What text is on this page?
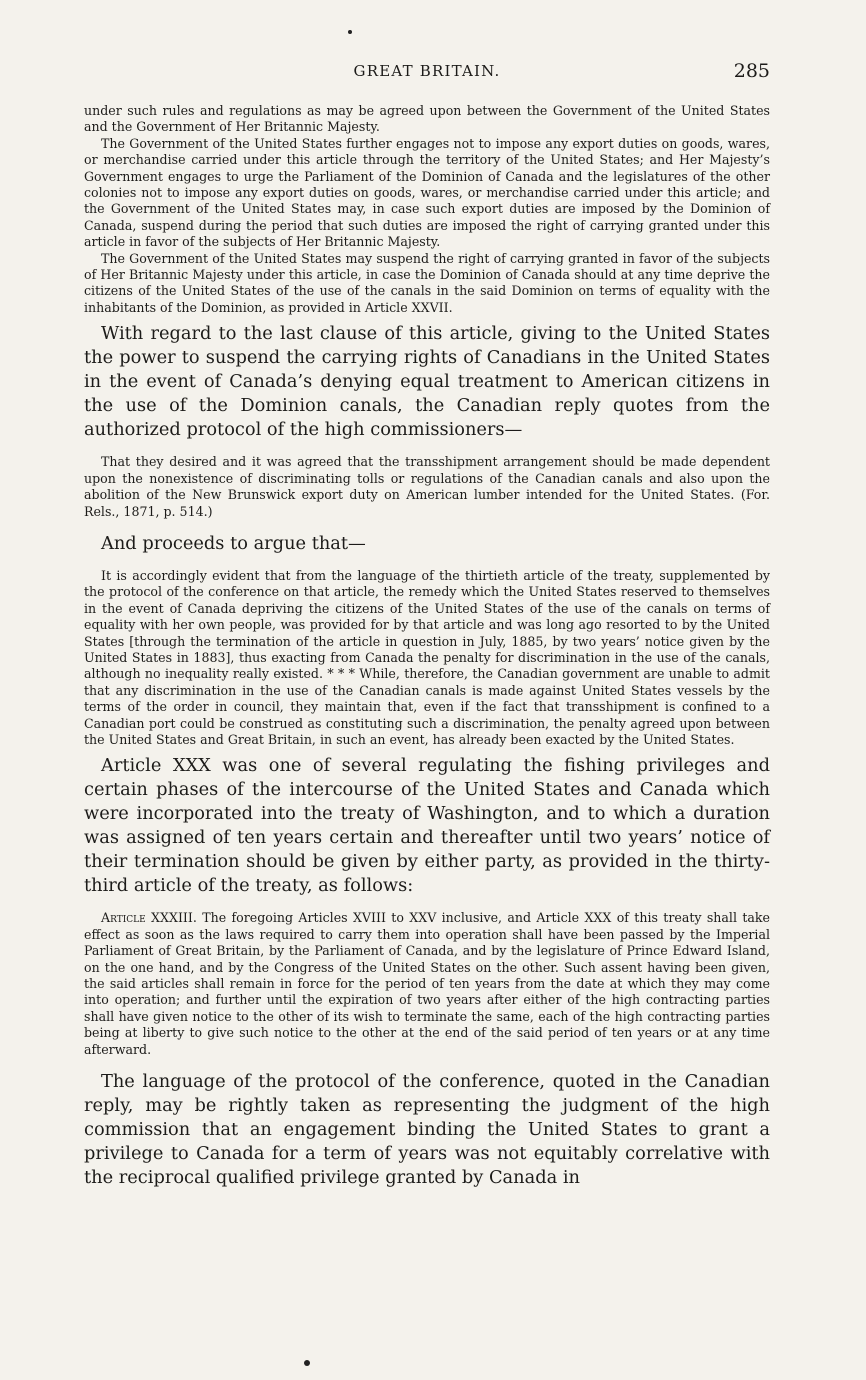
GREAT BRITAIN.	285

under such rules and regulations as may be agreed upon between the Government of the United States and the Government of Her Britannic Majesty.

The Government of the United States further engages not to impose any export duties on goods, wares, or merchandise carried under this article through the territory of the United States; and Her Majesty’s Government engages to urge the Parliament of the Dominion of Canada and the legislatures of the other colonies not to impose any export duties on goods, wares, or merchandise carried under this article; and the Government of the United States may, in case such export duties are imposed by the Dominion of Canada, suspend during the period that such duties are imposed the right of carrying granted under this article in favor of the subjects of Her Britannic Majesty.

The Government of the United States may suspend the right of carrying granted in favor of the subjects of Her Britannic Majesty under this article, in case the Dominion of Canada should at any time deprive the citizens of the United States of the use of the canals in the said Dominion on terms of equality with the inhabitants of the Dominion, as provided in Article XXVII.

With regard to the last clause of this article, giving to the United States the power to suspend the carrying rights of Canadians in the United States in the event of Canada’s denying equal treatment to American citizens in the use of the Dominion canals, the Canadian reply quotes from the authorized protocol of the high commissioners—

That they desired and it was agreed that the transshipment arrangement should be made dependent upon the nonexistence of discriminating tolls or regulations of the Canadian canals and also upon the abolition of the New Brunswick export duty on American lumber intended for the United States. (For. Rels., 1871, p. 514.)

And proceeds to argue that—

It is accordingly evident that from the language of the thirtieth article of the treaty, supplemented by the protocol of the conference on that article, the remedy which the United States reserved to themselves in the event of Canada depriving the citizens of the United States of the use of the canals on terms of equality with her own people, was provided for by that article and was long ago resorted to by the United States [through the termination of the article in question in July, 1885, by two years’ notice given by the United States in 1883], thus exacting from Canada the penalty for discrimination in the use of the canals, although no inequality really existed. * * * While, therefore, the Canadian government are unable to admit that any discrimination in the use of the Canadian canals is made against United States vessels by the terms of the order in council, they maintain that, even if the fact that transshipment is confined to a Canadian port could be construed as constituting such a discrimination, the penalty agreed upon between the United States and Great Britain, in such an event, has already been exacted by the United States.

Article XXX was one of several regulating the fishing privileges and certain phases of the intercourse of the United States and Canada which were incorporated into the treaty of Washington, and to which a duration was assigned of ten years certain and thereafter until two years’ notice of their termination should be given by either party, as provided in the thirty-third article of the treaty, as follows:

Article XXXIII. The foregoing Articles XVIII to XXV inclusive, and Article XXX of this treaty shall take effect as soon as the laws required to carry them into operation shall have been passed by the Imperial Parliament of Great Britain, by the Parliament of Canada, and by the legislature of Prince Edward Island, on the one hand, and by the Congress of the United States on the other. Such assent having been given, the said articles shall remain in force for the period of ten years from the date at which they may come into operation; and further until the expiration of two years after either of the high contracting parties shall have given notice to the other of its wish to terminate the same, each of the high contracting parties being at liberty to give such notice to the other at the end of the said period of ten years or at any time afterward.

The language of the protocol of the conference, quoted in the Canadian reply, may be rightly taken as representing the judgment of the high commission that an engagement binding the United States to grant a privilege to Canada for a term of years was not equitably correlative with the reciprocal qualified privilege granted by Canada in
